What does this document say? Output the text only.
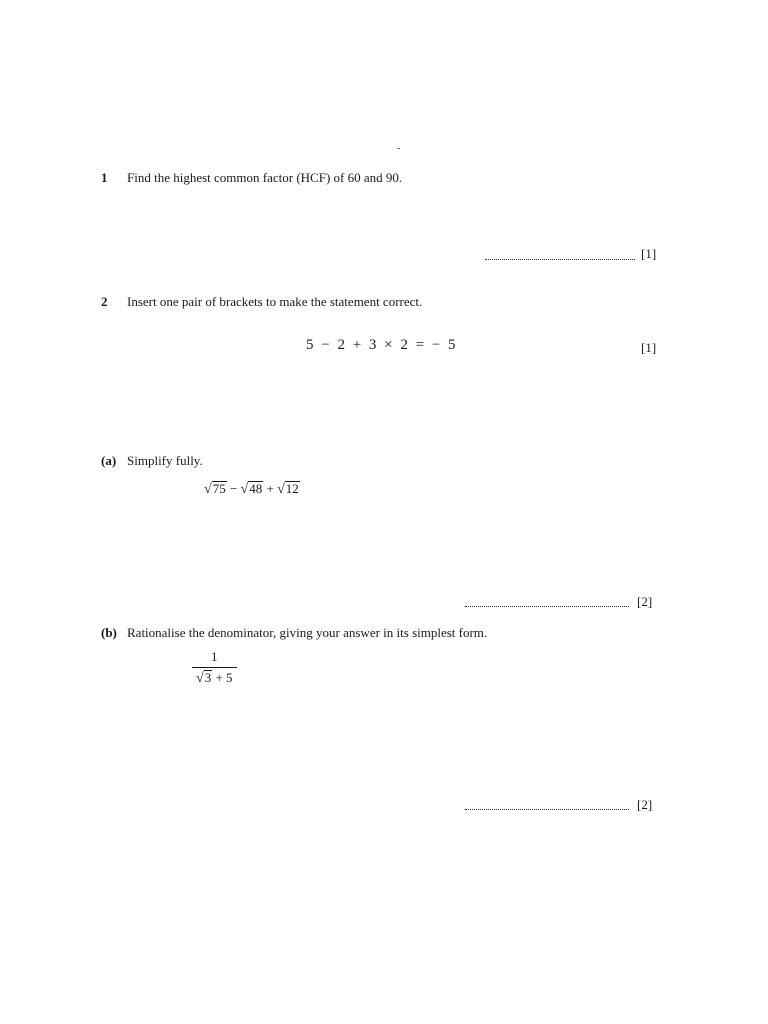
-
1 Find the highest common factor (HCF) of 60 and 90.
[1]
2 Insert one pair of brackets to make the statement correct.
5 − 2 + 3 × 2 = − 5	[1]
(a) Simplify fully.
√75 − √48 + √12
[2]
(b) Rationalise the denominator, giving your answer in its simplest form.
$\frac{1}{√3 + 5}$
[2]
